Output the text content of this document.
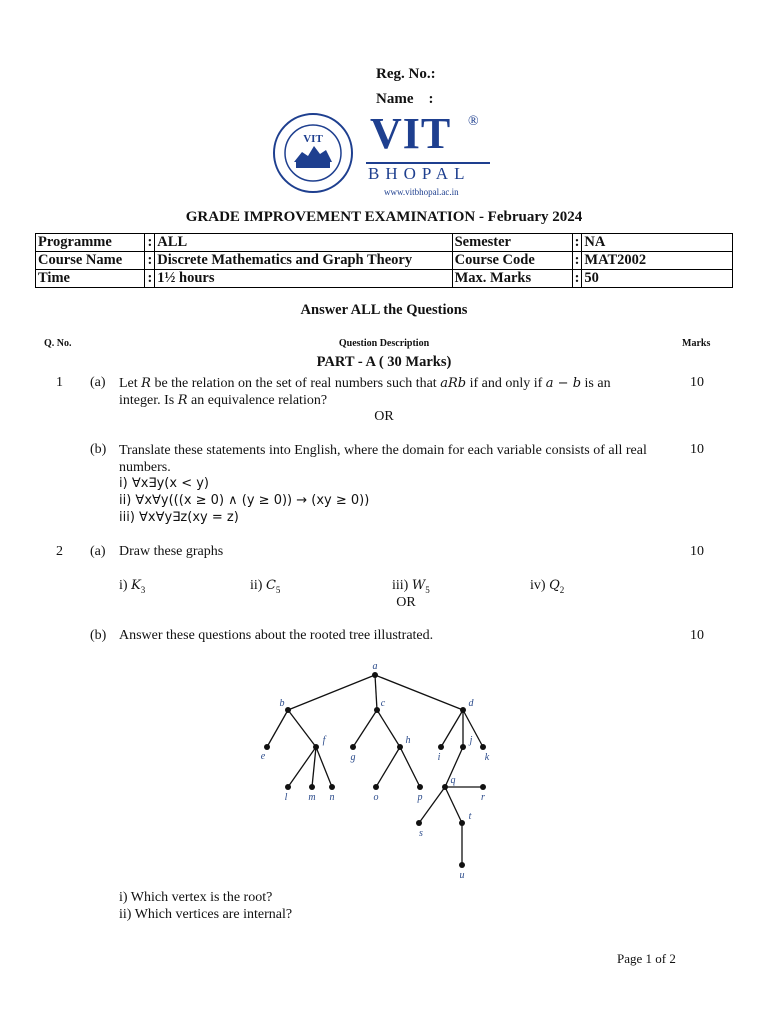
Reg. No.:
Name    :
VIT VIT ®
BHOPAL
www.vitbhopal.ac.in
GRADE IMPROVEMENT EXAMINATION - February 2024
Programme	:	ALL	Semester	:	NA
Course Name	:	Discrete Mathematics and Graph Theory	Course Code	:	MAT2002
Time	:	1½ hours	Max. Marks	:	50
Answer ALL the Questions
Q. No.	Question Description	Marks
PART - A ( 30 Marks)
1 (a) Let R be the relation on the set of real numbers such that aRb if and only if a − b is an
integer. Is R an equivalence relation?
10
OR
(b) Translate these statements into English, where the domain for each variable consists of all real numbers.
10
i) ∀x∃y(x < y)
ii) ∀x∀y(((x ≥ 0) ∧ (y ≥ 0)) → (xy ≥ 0))
iii) ∀x∀y∃z(xy = z)
2 (a) Draw these graphs	10
i) $K_3$	ii) $C_5$	iii) $W_5$	iv) $Q_2$
OR
(b) Answer these questions about the rooted tree illustrated.	10
a
b	c	d
e
f
g
h
i
j
k
l m n	o	p
q
r
s
t
u
i) Which vertex is the root?
ii) Which vertices are internal?
Page 1 of 2
